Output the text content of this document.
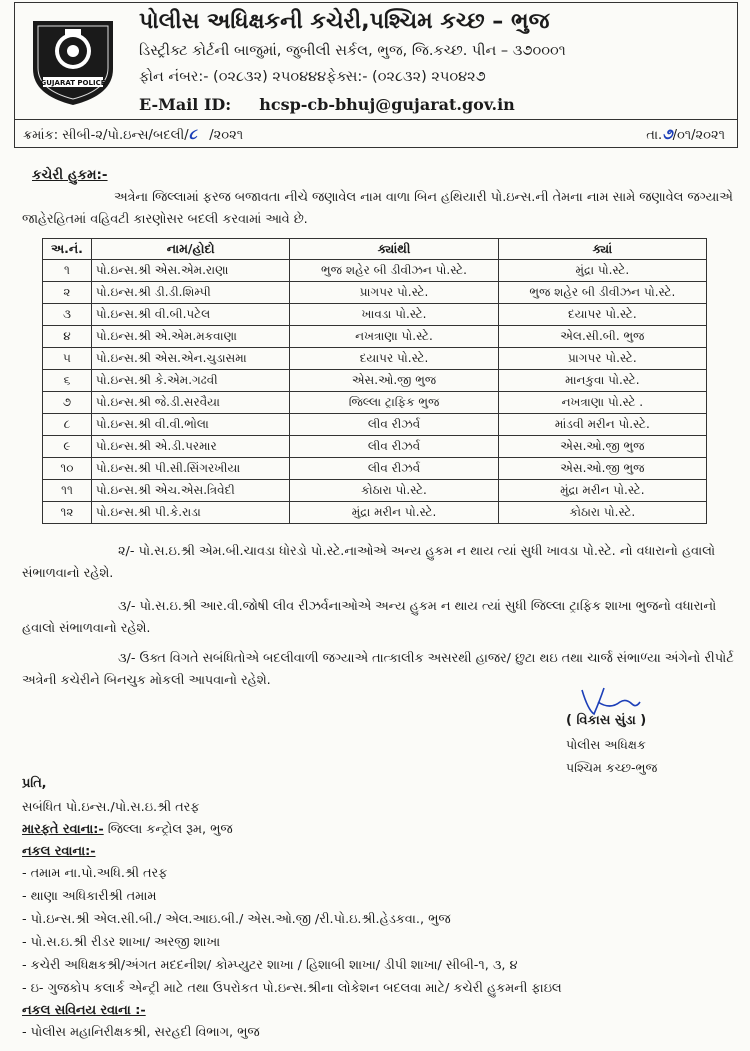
GUJARAT POLICE
પોલીસ અધિક્ષકની કચેરી,પશ્ચિમ કચ્છ – ભુજ
ડિસ્ટ્રીક્ટ કોર્ટની બાજુમાં, જુબીલી સર્કલ, ભુજ, જિ.કચ્છ. પીન – ૩૭૦૦૦૧
ફોન નંબર:- (૦૨૮૩૨) ૨૫૦૪૪૪ફેક્સ:- (૦૨૮૩૨) ૨૫૦૪૨૭
E-Mail ID: hcsp-cb-bhuj@gujarat.gov.in
ક્રમાંક: સીબી-૨/પો.ઇન્સ/બદલી/૮ /૨૦૨૧	તા.૭/૦૧/૨૦૨૧
કચેરી હુકમ:-
અત્રેના જિલ્લામાં ફરજ બજાવતા નીચે જણાવેલ નામ વાળા બિન હથિયારી પો.ઇન્સ.ની તેમના નામ સામે જણાવેલ જગ્યાએ જાહેરહિતમાં વહિવટી કારણોસર બદલી કરવામાં આવે છે.
અ.નં.	નામ/હોદો	ક્યાંથી	ક્યાં
૧	પો.ઇન્સ.શ્રી એસ.એમ.રાણા	ભુજ શહેર બી ડીવીઝન પો.સ્ટે.	મુંદ્રા પો.સ્ટે.
૨	પો.ઇન્સ.શ્રી ડી.ડી.શિમ્પી	પ્રાગપર પો.સ્ટે.	ભુજ શહેર બી ડીવીઝન પો.સ્ટે.
૩	પો.ઇન્સ.શ્રી વી.બી.પટેલ	ખાવડા પો.સ્ટે.	દયાપર પો.સ્ટે.
૪	પો.ઇન્સ.શ્રી એ.એમ.મકવાણા	નખત્રાણા પો.સ્ટે.	એલ.સી.બી. ભુજ
૫	પો.ઇન્સ.શ્રી એસ.એન.ચુડાસમા	દયાપર પો.સ્ટે.	પ્રાગપર પો.સ્ટે.
૬	પો.ઇન્સ.શ્રી કે.એમ.ગઢવી	એસ.ઓ.જી ભુજ	માનકુવા પો.સ્ટે.
૭	પો.ઇન્સ.શ્રી જે.ડી.સરવૈયા	જિલ્લા ટ્રાફિક ભુજ	નખત્રાણા પો.સ્ટે .
૮	પો.ઇન્સ.શ્રી વી.વી.ભોલા	લીવ રીઝર્વ	માંડવી મરીન પો.સ્ટે.
૯	પો.ઇન્સ.શ્રી એ.ડી.પરમાર	લીવ રીઝર્વ	એસ.ઓ.જી ભુજ
૧૦	પો.ઇન્સ.શ્રી પી.સી.સિંગરખીયા	લીવ રીઝર્વ	એસ.ઓ.જી ભુજ
૧૧	પો.ઇન્સ.શ્રી એચ.એસ.ત્રિવેદી	કોઠારા પો.સ્ટે.	મુંદ્રા મરીન પો.સ્ટે.
૧૨	પો.ઇન્સ.શ્રી પી.કે.રાડા	મુંદ્રા મરીન પો.સ્ટે.	કોઠારા પો.સ્ટે.
૨/- પો.સ.ઇ.શ્રી એમ.બી.ચાવડા ધોરડો પો.સ્ટે.નાઓએ અન્ય હુકમ ન થાય ત્યાં સુધી ખાવડા પો.સ્ટે. નો વધારાનો હવાલો સંભાળવાનો રહેશે.
૩/- પો.સ.ઇ.શ્રી આર.વી.જોષી લીવ રીઝર્વનાઓએ અન્ય હુકમ ન થાય ત્યાં સુધી જિલ્લા ટ્રાફિક શાખા ભુજનો વધારાનો હવાલો સંભાળવાનો રહેશે.
૩/- ઉક્ત વિગતે સબંધિતોએ બદલીવાળી જગ્યાએ તાત્કાલીક અસરથી હાજર/ છુટા થઇ તથા ચાર્જ સંભાળ્યા અંગેનો રીપોર્ટ અત્રેની કચેરીને બિનચુક મોકલી આપવાનો રહેશે.
( વિકાસ સુંડા )
પોલીસ અધિક્ષક
પશ્ચિમ કચ્છ-ભુજ
પ્રતિ,
સબંધિત પો.ઇન્સ./પો.સ.ઇ.શ્રી તરફ
મારફતે રવાના:- જિલ્લા કન્ટ્રોલ રૂમ, ભુજ
નકલ રવાના:-
- તમામ ના.પો.અધિ.શ્રી તરફ
- થાણા અધિકારીશ્રી તમામ
- પો.ઇન્સ.શ્રી એલ.સી.બી./ એલ.આઇ.બી./ એસ.ઓ.જી /રી.પો.ઇ.શ્રી.હેડકવા., ભુજ
- પો.સ.ઇ.શ્રી રીડર શાખા/ અરજી શાખા
- કચેરી અધિક્ષકશ્રી/અંગત મદદનીશ/ કોમ્પ્યુટર શાખા / હિશાબી શાખા/ ડીપી શાખા/ સીબી-૧, ૩, ૪
- ઇ- ગુજકોપ કલાર્ક એન્ટ્રી માટે તથા ઉપરોકત પો.ઇન્સ.શ્રીના લોકેશન બદલવા માટે/ કચેરી હુકમની ફાઇલ
નકલ સવિનય રવાના :-
- પોલીસ મહાનિરીક્ષકશ્રી, સરહદી વિભાગ, ભુજ
